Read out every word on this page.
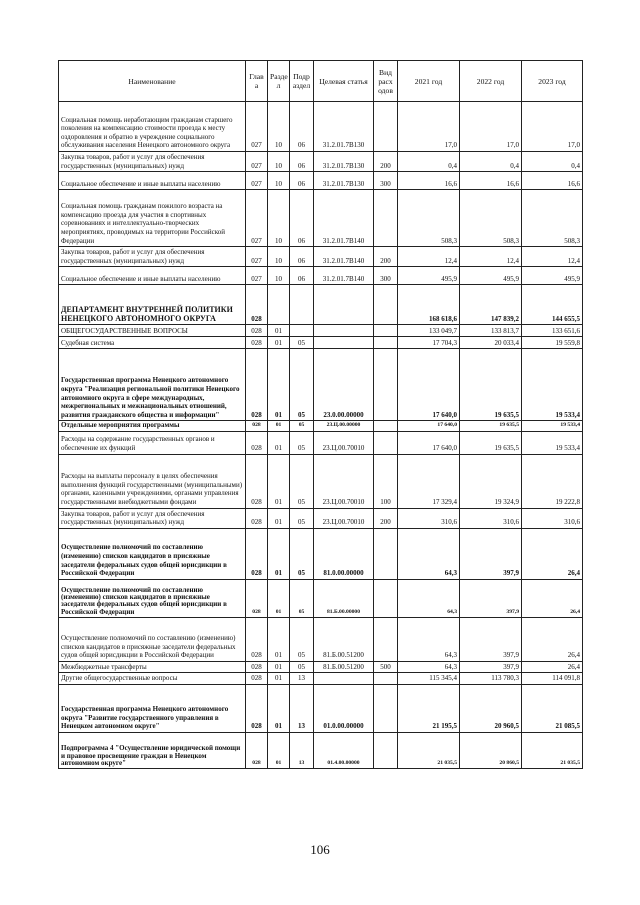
Наименование	Глав а	Разде л	Подр аздел	Целевая статья	Вид расх одов	2021 год	2022 год	2023 год
Социальная помощь неработающим гражданам старшего поколения на компенсацию стоимости проезда к месту оздоровления и обратно в учреждение социального обслуживания населения Ненецкого автономного округа	027	10	06	31.2.01.7В130		17,0	17,0	17,0
Закупка товаров, работ и услуг для обеспечения государственных (муниципальных) нужд	027	10	06	31.2.01.7В130	200	0,4	0,4	0,4
Социальное обеспечение и иные выплаты населению	027	10	06	31.2.01.7В130	300	16,6	16,6	16,6
Социальная помощь гражданам пожилого возраста на компенсацию проезда для участия в спортивных соревнованиях и интеллектуально-творческих мероприятиях, проводимых на территории Российской Федерации	027	10	06	31.2.01.7В140		508,3	508,3	508,3
Закупка товаров, работ и услуг для обеспечения государственных (муниципальных) нужд	027	10	06	31.2.01.7В140	200	12,4	12,4	12,4
Социальное обеспечение и иные выплаты населению	027	10	06	31.2.01.7В140	300	495,9	495,9	495,9
ДЕПАРТАМЕНТ ВНУТРЕННЕЙ ПОЛИТИКИ НЕНЕЦКОГО АВТОНОМНОГО ОКРУГА	028					168 618,6	147 839,2	144 655,5
ОБЩЕГОСУДАРСТВЕННЫЕ ВОПРОСЫ	028	01				133 049,7	133 813,7	133 651,6
Судебная система	028	01	05			17 704,3	20 033,4	19 559,8
Государственная программа Ненецкого автономного округа "Реализация региональной политики Ненецкого автономного округа в сфере международных, межрегиональных и межнациональных отношений, развития гражданского общества и информации"	028	01	05	23.0.00.00000		17 640,0	19 635,5	19 533,4
Отдельные мероприятия программы	028	01	05	23.Ц.00.00000		17 640,0	19 635,5	19 533,4
Расходы на содержание государственных органов и обеспечение их функций	028	01	05	23.Ц.00.70010		17 640,0	19 635,5	19 533,4
Расходы на выплаты персоналу в целях обеспечения выполнения функций государственными (муниципальными) органами, казенными учреждениями, органами управления государственными внебюджетными фондами	028	01	05	23.Ц.00.70010	100	17 329,4	19 324,9	19 222,8
Закупка товаров, работ и услуг для обеспечения государственных (муниципальных) нужд	028	01	05	23.Ц.00.70010	200	310,6	310,6	310,6
Осуществление полномочий по составлению (изменению) списков кандидатов в присяжные заседатели федеральных судов общей юрисдикции в Российской Федерации	028	01	05	81.0.00.00000		64,3	397,9	26,4
Осуществление полномочий по составлению (изменению) списков кандидатов в присяжные заседатели федеральных судов общей юрисдикции в Российской Федерации	028	01	05	81.Б.00.00000		64,3	397,9	26,4
Осуществление полномочий по составлению (изменению) списков кандидатов в присяжные заседатели федеральных судов общей юрисдикции в Российской Федерации	028	01	05	81.Б.00.51200		64,3	397,9	26,4
Межбюджетные трансферты	028	01	05	81.Б.00.51200	500	64,3	397,9	26,4
Другие общегосударственные вопросы	028	01	13			115 345,4	113 780,3	114 091,8
Государственная программа Ненецкого автономного округа "Развитие государственного управления в Ненецком автономном округе"	028	01	13	01.0.00.00000		21 195,5	20 960,5	21 085,5
Подпрограмма 4 "Осуществление юридической помощи и правовое просвещение граждан в Ненецком автономном округе"	028	01	13	01.4.00.00000		21 035,5	20 860,5	21 035,5
106
